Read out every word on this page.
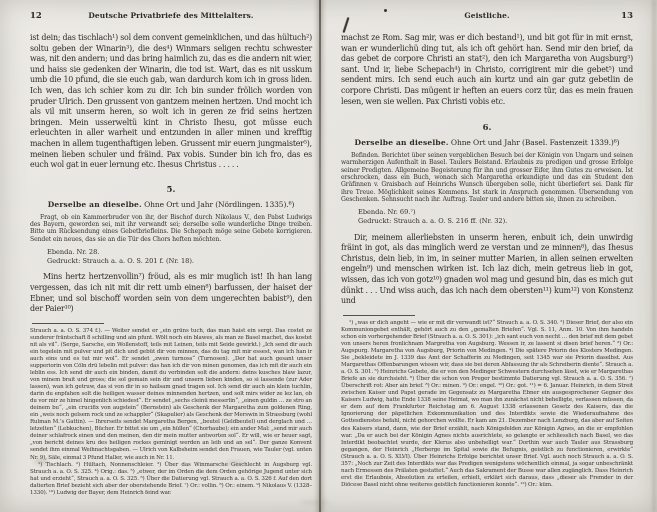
12	Deutsche Privatbriefe des Mittelalters.
ist dein; das tischlach¹) sol dem convent gemeinklichen, und das hültuch²) soltu geben der Winarin³), die des⁴) Winmars seligen rechtu schwester was, nit den andern; und das bring haimlich zu, das es die andern nit wier, und haiss sie gedenken der Winarin, die tod ist. Wart, das es nit usskum umb die 10 pfund, die sie euch gab, wan dardurch kom ich in gross liden. Ich wen, das ich schier kom zu dir. Ich bin sunder frölich worden von pruder Ulrich. Den grussent von gantzem meinen hertzen. Und mocht ich als vil mit unserm heren, so wolt ich in geren ze frid seins hertzen bringen. Mein usserweltü kint in Christo Ihesu, got müsse euch erleuchten in aller warheit und entzunden in aller minen und krefftig machen in allem tugenthaftigen leben. Grussent mir euern jungmaister⁵), meinen lieben schuler und fräind. Pax vobis. Sunder bin ich fro, das es euch wol gat in euer lernung etc. Ihesus Christus . . . . .
5.
Derselbe an dieselbe. Ohne Ort und Jahr (Nördlingen. 1335).⁶)
Fragt, ob ein Kammerbruder von ihr, der Bischof durch Nikolaus V., den Pabst Ludwigs des Bayern, geworden sei, mit ihr verwandt sei; derselbe solle wunderliche Dinge treiben. Bitte um Rücksendung eines Gebetbriefleins. Die Schepach möge seine Gebete korrigieren. Sendet ein neues, das sie an die Tür des Chors heften möchten.
Ebenda. Nr. 28.
Gedruckt: Strauch a. a. O. S. 201 f. (Nr. 18).
Mins hertz hertzenvollin⁷) fröud, als es mir muglich ist! Ih han lang vergessen, das ich nit mit dir rett umb einen⁸) barfussen, der haiset der Ebner, und sol bischoff worden sein von dem ungerechten babist⁹), den der Paier¹⁰)

Strauch a. a. O. S. 374 f.). — Weiter sendet er „ein grüns tuch, das man haist ein sergi. Das costet ze sunderer fräntschaft 8 schilling und ain pfunt. Wölt noch ein blawes, als man ze Basel machet, das kostet nit als vil“. (Serge, Sarsche, ein Wollenstoff, teils mit Leinen, teils mit Seide gewirkt.) „Ich send dir auch ein tegelein mit pulver und pit dich und gebüt dir von minnen, das du tag mit mir essest, wan ich han ir auch eins und es tut mir wol“. Er sendet „zwen turnoss“ (Turnosen). „Der hat auch gesant unser supperiorin von Cöln drü lebelin mit pulver: das han ich dir von minen genomen, das ich mit dir auch ein leblin ess. Ich send dir auch ein binden, damit du verbinden solt die andern: deins kusches blaw lazur, von minem brait und gross; die sol gemain sein dir und unsern lieben kinden, so si lassende (zur Ader lassen), wan ich getruw, das si von dir in so hailsam gnad tragen sol. Ich send dir auch ain klein tuchlin, darin du enpfahen solt die heiligen wasser deines minnenden hertzen, und solt mirs wider ze lez lan, ob du vor mir ze himel hingenlich schiedest“. Er sendet „sechs cleinü messerlin“, „einen guldin … ze stro an deinem bu“, „ein crucifix von augstein“ (Bernstein) als Geschenk der Margaretha zum goldenen Ring, ein „weis noch gelsem rock und ze schappler“ (Skapulier) als Geschenk der Merswin in Strassburg (wohl Rulman M.’s Gattin). — Ihrerseits sendet Margaretha Bergen, „beutel (Geldbeutel) und derglach und … letzelten“ (Lebkuchen), Bücher. Er bittet sie um „ein hüllen“ (Chorhaube); ein ander Mal: „send mir auch deiner schlafrock einen und den meinen, den dir mein mutter antworten sol“. Er will, wie er heuer sagt, „von bericht deines kru des heiligen rockes geminigt werden an leib und an sel“. Der ganze Konvent sendet ihm einmal Weihnachtsgaben. — Ulrich von Kalbsheim sendet den Frauen, wie Tauler (vgl. unten Nr. 9), Säle, einmal 3 Pfund Haller, wie auch in Nr. 11.

¹) Tischlach. ²) Hültach, Nonnenschleier. ³) Über das Winmarsche Geschlecht in Augsburg vgl. Strauch a. a. O. S. 325. ⁴) Orig.: das. ⁵) „etwer, der im Orden die dem Orden gehörige Jugend unter sich hat und erzieht“, Strauch a. a. O. S. 325. ⁶) Über die Datierung vgl. Strauch a. a. O. S. 326 f. Auf den dort datierten Brief bezieht sich aber der oberstehende Brief. ⁷) Or.: vollin. ⁸) Or.: einem. ⁹) Nikolaus V. (1328–1330). ¹⁰) Ludwig der Bayer, dem Heinrich feind war.

Geistliche.	13
machst ze Rom. Sag mir, was er dich bestand¹), und bit got für in mit ernst, wan er wunderlichü ding tut, als ich oft gehört han. Send mir den brief, da das gebet de corpore Christi an stat²), den ich Margaretha von Augsburg³) sant. Und ir, liebe Schepach⁴) in Christo, corrigirent mir die gebet⁵) und sendent mirs. Ich send euch auch ain kurtz und ain gar gutz gebetlin de corpore Christi. Das mügent ir heften an euers corz tür, das es mein frauen lesen, wen sie wellen. Pax Christi vobis etc.
6.
Derselbe an dieselbe. Ohne Ort und Jahr (Basel. Fastenzeit 1339.)⁶)
Befinden. Berichtet über seinen vergeblichen Besuch bei der Königin von Ungarn und seinen warmherzigen Aufenthalt in Basel. Taulers Beistand. Erlaubnis zu predigen und grosse Erfolge seiner Predigten. Allgemeine Begeisterung für ihn und grosser Eifer, ihm Gutes zu erweisen. Ist erschrocken, dass ein Buch, wonach sich Margaretha erkundigte und das ein Student den Gräfinnen v. Graisbach auf Heinrichs Wunsch übergeben solle, nicht überliefert sei. Dank für ihre Treue. Möglichkeit seines Kommens. Ist stark in Anspruch genommen. Übersendung von Geschenken. Sehnsucht nach ihr. Auftrag. Tauler und andere bitten sie, ihnen zu schreiben.
Ebenda. Nr. 69.⁷)
Gedruckt: Strauch a. a. O. S. 216 ff. (Nr. 32).
Dir, meinem allerliebsten in unserm heren, enbuit ich, dein unwirdig fräint in got, als das minglich werd ze verstan und ze minnen⁸), das Ihesus Christus, dein lieb, in im, in seiner mutter Marien, in allen seinen erwelten engeln⁹) und menschen wirken ist. Ich laz dich, mein getreus lieb in got, wissen, das ich von gotz¹⁰) gnaden wol mag und gesund bin, das es mich gut dünkt . . . Und wiss auch, das ich nach dem obersten¹¹) kum¹²) von Konstenz und

¹) „was er dich angeht — wie er mit dir verwandt ist?“ Strauch a. a. O. S. 340. ²) Dieser Brief, der also ein Kommuniongebet enthält, gehört auch zu den „gemalten Briefen“. Vgl. S. 11, Anm. 10. Von ihm handeln schon ein vorhergehender Brief (Strauch a. a. O. S. 301): „ich sant euch von necht … den brief mit dem gebet von unsers heren fronlichnam Margretha von Augsburg. Wessen ir, ze lassent si disen brief heren.“ ³) Or.: Augspurg. Margaretha von Augsburg, Priorin von Medingen. ⁴) Die spätere Priorin des Klosters Medingen. Sie „bekleidete im J. 1339 das Amt der Schafferin zu Medingen, seit 1345 war sie Priorin daselbst. Aus Margarethas Offenbarungen wissen wir, dass sie bei deren Abfassung ihr als Schreiberin diente“. Strauch a. a. O. S. 301. ⁵) Heinrichs Gebete, die er von den Medinger Schwestern durchsehen lässt, wie er Margarethas Briefe an sie durchsieht. ⁶) Über die schon von Preger bestimmte Datierung vgl. Strauch a. a. O. S. 356. ⁷) Überschrift rot: Aber ain brief. ⁸) Or.: minen. ⁹) Or.: engel. ¹⁰) Or.: got. ¹¹) = 6. Januar. Heinrich, in dem Streit zwischen Kaiser und Papst gerade im Gegensatz zu Margaretha Ebner ein ausgesprochener Gegner des Kaisers Ludwig, hatte Ende 1338 seine Heimat, wo man ihn zunächst nicht behelligte, verlassen müssen, da er dem auf dem Frankfurter Reichstag am 6. August 1338 erlassenen Gesetz des Kaisers, das die Ignorierung der päpstlichen Exkommunikation und des Interdikts sowie die Wiederaufnahme des Gottesdienstes befahl, nicht gehorchen wollte. Er kam am 21. Dezember nach Lenzburg, das aber auf Seiten des Kaisers stand, dann, wie der Brief erzählt, nach Königsfelden zur Königin Agnes, an die er empfohlen war. „Da er auch bei der Königin Agnes nichts ausrichtete, so gelangte er schliesslich nach Basel, wo das Interdikt beobachtet wurde, der Klerus also unbehelligt war.“ Dorthin war auch Tauler aus Strassburg gegangen, der Heinrich „Herberge im Spital sowie die Befugnis, geistlich zu functionieren, erwirkte“ (Strauch a. a. O. S. XLVI). Über Heinrichs Erfolge berichtet unser Brief. Vgl. auch noch Strauch a. a. O. S. 357: „Noch zur Zeit des Interdikts war das Predigen wenigstens wöchentlich einmal, ja sogar unbeschränkt nach Ermessen des Prälaten gestattet.“ Auch das Sakrament der Busse war allen zugänglich. Dass Heinrich erst die Erlaubnis, Absolution zu erteilen, erhielt, erklärt sich daraus, dass „dieser als Fremder in der Diöcese Basel nicht ohne weiteres geistlich functionieren konnte“. ¹²) Or.: küm.
